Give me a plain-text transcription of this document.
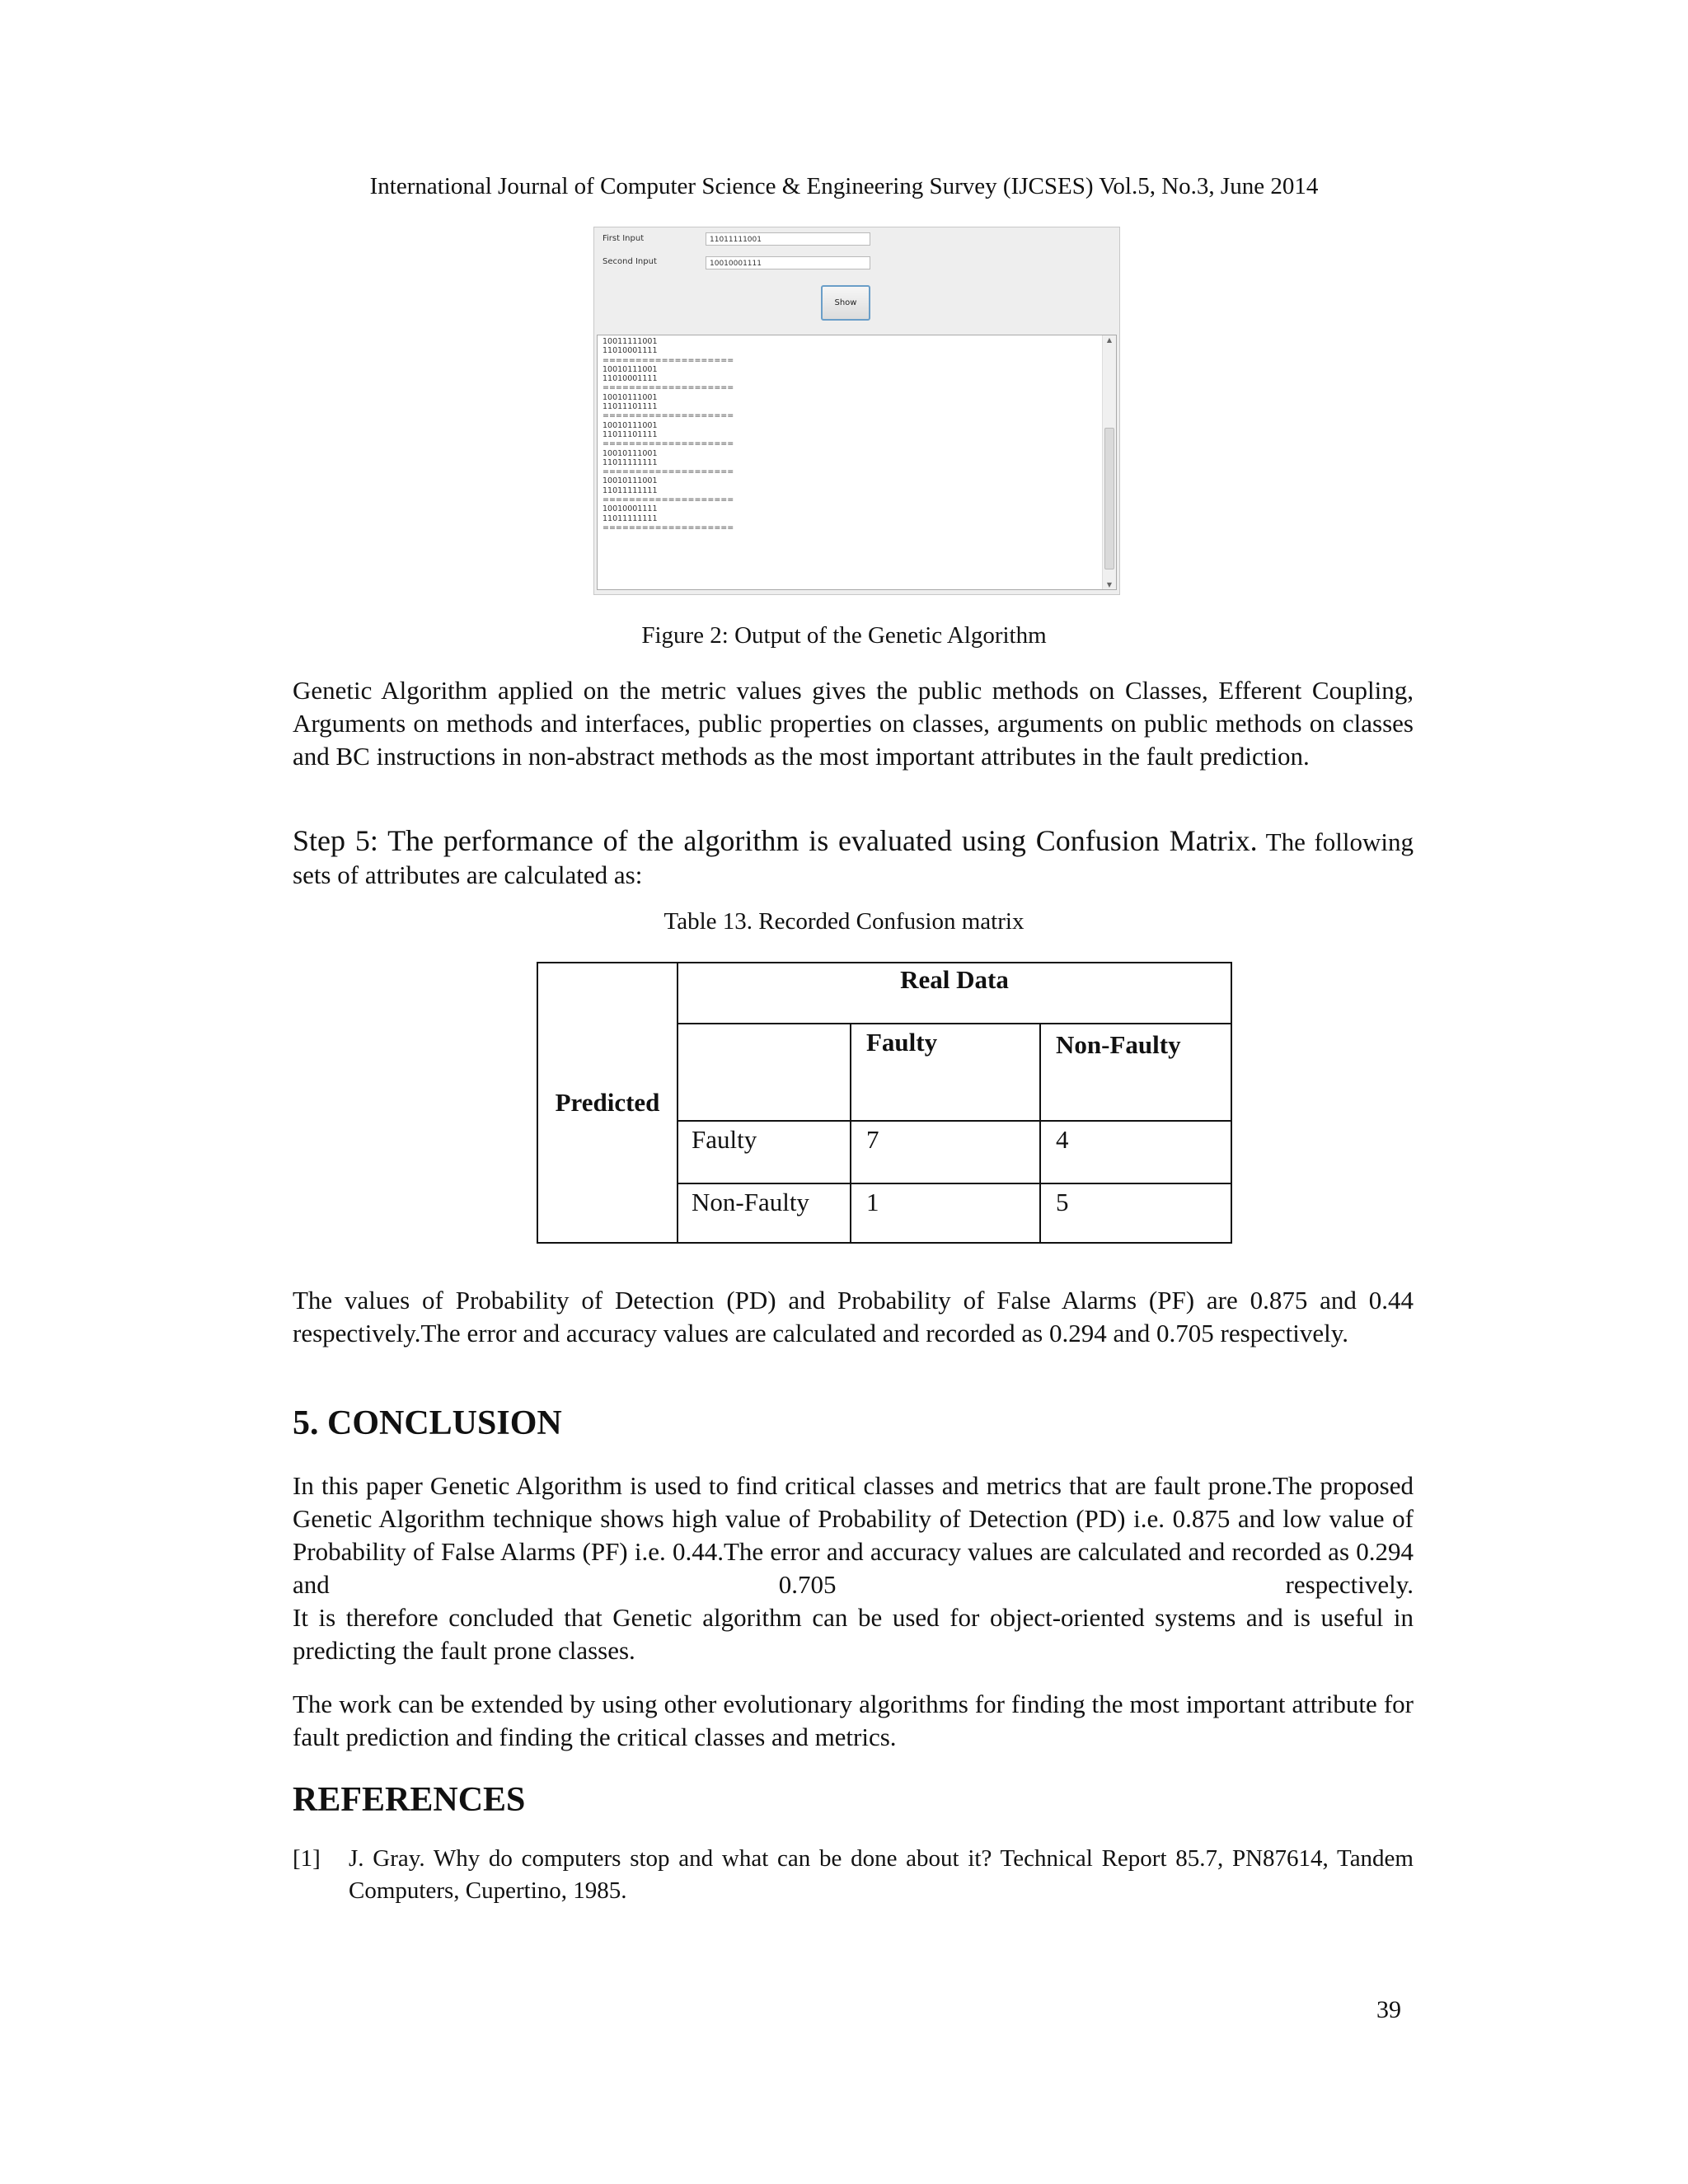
International Journal of Computer Science & Engineering Survey (IJCSES) Vol.5, No.3, June 2014
First Input	11011111001
Second Input	10010001111
Show
10011111001
11010001111
====================
10010111001
11010001111
====================
10010111001
11011101111
====================
10010111001
11011101111
====================
10010111001
11011111111
====================
10010111001
11011111111
====================
10010001111
11011111111
====================
▲
▼
Figure 2: Output of the Genetic Algorithm
Genetic Algorithm applied on the metric values gives the public methods on Classes, Efferent Coupling, Arguments on methods and interfaces, public properties on classes, arguments on public methods on classes and BC instructions in non-abstract methods as the most important attributes in the fault prediction.
Step 5: The performance of the algorithm is evaluated using Confusion Matrix. The following sets of attributes are calculated as:
Table 13. Recorded Confusion matrix
Predicted	Real Data		
		Faulty	Non-Faulty
	Faulty	7	4
	Non-Faulty	1	5
The values of Probability of Detection (PD) and Probability of False Alarms (PF) are 0.875 and 0.44 respectively.The error and accuracy values are calculated and recorded as 0.294 and 0.705 respectively.
5. CONCLUSION
In this paper Genetic Algorithm is used to find critical classes and metrics that are fault prone.The proposed Genetic Algorithm technique shows high value of Probability of Detection (PD) i.e. 0.875 and low value of Probability of False Alarms (PF) i.e. 0.44.The error and accuracy values are calculated and recorded as 0.294 and 0.705 respectively.
It is therefore concluded that Genetic algorithm can be used for object-oriented systems and is useful in predicting the fault prone classes.
The work can be extended by using other evolutionary algorithms for finding the most important attribute for fault prediction and finding the critical classes and metrics.
REFERENCES
[1] J. Gray. Why do computers stop and what can be done about it? Technical Report 85.7, PN87614, Tandem Computers, Cupertino, 1985.
39
